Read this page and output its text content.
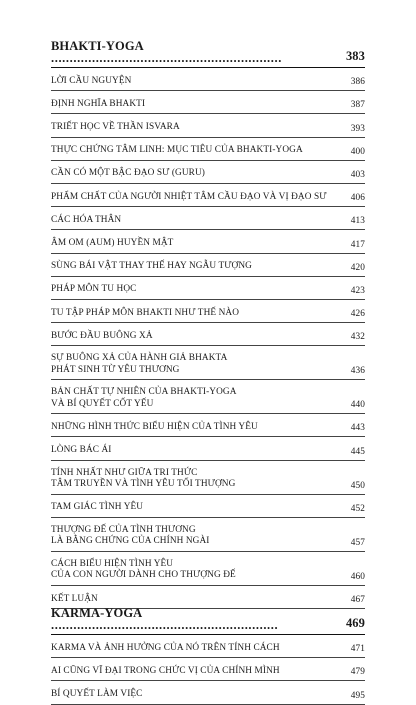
BHAKTI-YOGA ..............................................................	383
LỜI CẦU NGUYỆN	386
ĐỊNH NGHĨA BHAKTI	387
TRIẾT HỌC VỀ THẦN ISVARA	393
THỰC CHỨNG TÂM LINH: MỤC TIÊU CỦA BHAKTI-YOGA	400
CẦN CÓ MỘT BẬC ĐẠO SƯ (GURU)	403
PHẨM CHẤT CỦA NGƯỜI NHIỆT TÂM CẦU ĐẠO VÀ VỊ ĐẠO SƯ	406
CÁC HÓA THÂN	413
ÂM OM (AUM) HUYỀN MẬT	417
SÙNG BÁI VẬT THAY THẾ HAY NGẪU TƯỢNG	420
PHÁP MÔN TU HỌC	423
TU TẬP PHÁP MÔN BHAKTI NHƯ THẾ NÀO	426
BƯỚC ĐẦU BUÔNG XẢ	432
SỰ BUÔNG XẢ CỦA HÀNH GIẢ BHAKTA
PHÁT SINH TỪ YÊU THƯƠNG	436
BẢN CHẤT TỰ NHIÊN CỦA BHAKTI-YOGA
VÀ BÍ QUYẾT CỐT YẾU	440
NHỮNG HÌNH THỨC BIỂU HIỆN CỦA TÌNH YÊU	443
LÒNG BÁC ÁI	445
TÍNH NHẤT NHƯ GIỮA TRI THỨC
TÂM TRUYỀN VÀ TÌNH YÊU TỐI THƯỢNG	450
TAM GIÁC TÌNH YÊU	452
THƯỢNG ĐẾ CỦA TÌNH THƯƠNG
LÀ BẰNG CHỨNG CỦA CHÍNH NGÀI	457
CÁCH BIỂU HIỆN TÌNH YÊU
CỦA CON NGƯỜI DÀNH CHO THƯỢNG ĐẾ	460
KẾT LUẬN	467
KARMA-YOGA .............................................................	469
KARMA VÀ ẢNH HƯỞNG CỦA NÓ TRÊN TÍNH CÁCH	471
AI CŨNG VĨ ĐẠI TRONG CHỨC VỊ CỦA CHÍNH MÌNH	479
BÍ QUYẾT LÀM VIỆC	495
